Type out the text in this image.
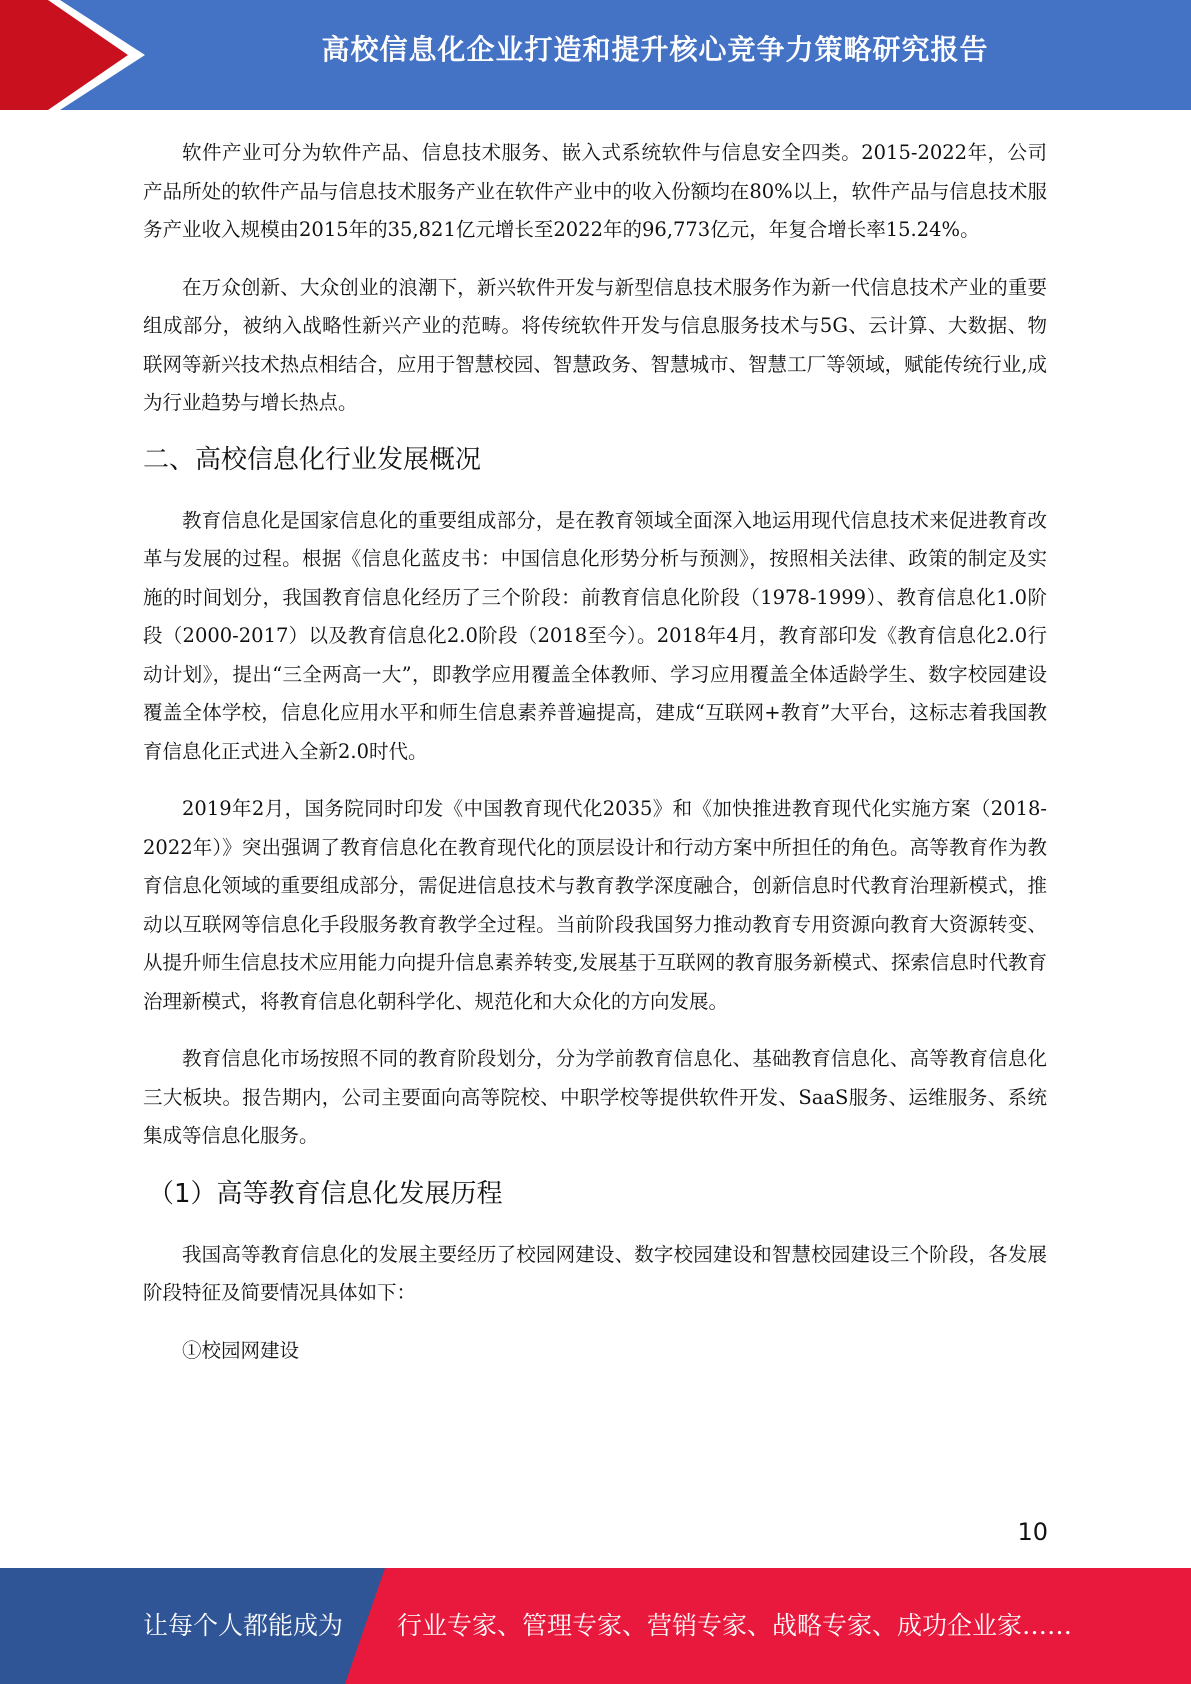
高校信息化企业打造和提升核心竞争力策略研究报告

软件产业可分为软件产品、信息技术服务、嵌入式系统软件与信息安全四类。2015-2022年，公司产品所处的软件产品与信息技术服务产业在软件产业中的收入份额均在80%以上，软件产品与信息技术服务产业收入规模由2015年的35,821亿元增长至2022年的96,773亿元，年复合增长率15.24%。

在万众创新、大众创业的浪潮下，新兴软件开发与新型信息技术服务作为新一代信息技术产业的重要组成部分，被纳入战略性新兴产业的范畴。将传统软件开发与信息服务技术与5G、云计算、大数据、物联网等新兴技术热点相结合，应用于智慧校园、智慧政务、智慧城市、智慧工厂等领域，赋能传统行业,成为行业趋势与增长热点。

二、高校信息化行业发展概况

教育信息化是国家信息化的重要组成部分，是在教育领域全面深入地运用现代信息技术来促进教育改革与发展的过程。根据《信息化蓝皮书：中国信息化形势分析与预测》，按照相关法律、政策的制定及实施的时间划分，我国教育信息化经历了三个阶段：前教育信息化阶段（1978-1999）、教育信息化1.0阶段（2000-2017）以及教育信息化2.0阶段（2018至今）。2018年4月，教育部印发《教育信息化2.0行动计划》，提出“三全两高一大”，即教学应用覆盖全体教师、学习应用覆盖全体适龄学生、数字校园建设覆盖全体学校，信息化应用水平和师生信息素养普遍提高，建成“互联网+教育”大平台，这标志着我国教育信息化正式进入全新2.0时代。

2019年2月，国务院同时印发《中国教育现代化2035》和《加快推进教育现代化实施方案（2018-2022年）》突出强调了教育信息化在教育现代化的顶层设计和行动方案中所担任的角色。高等教育作为教育信息化领域的重要组成部分，需促进信息技术与教育教学深度融合，创新信息时代教育治理新模式，推动以互联网等信息化手段服务教育教学全过程。当前阶段我国努力推动教育专用资源向教育大资源转变、从提升师生信息技术应用能力向提升信息素养转变,发展基于互联网的教育服务新模式、探索信息时代教育治理新模式，将教育信息化朝科学化、规范化和大众化的方向发展。

教育信息化市场按照不同的教育阶段划分，分为学前教育信息化、基础教育信息化、高等教育信息化三大板块。报告期内，公司主要面向高等院校、中职学校等提供软件开发、SaaS服务、运维服务、系统集成等信息化服务。

（1）高等教育信息化发展历程

我国高等教育信息化的发展主要经历了校园网建设、数字校园建设和智慧校园建设三个阶段，各发展阶段特征及简要情况具体如下：

①校园网建设

10
让每个人都能成为 行业专家、管理专家、营销专家、战略专家、成功企业家……
